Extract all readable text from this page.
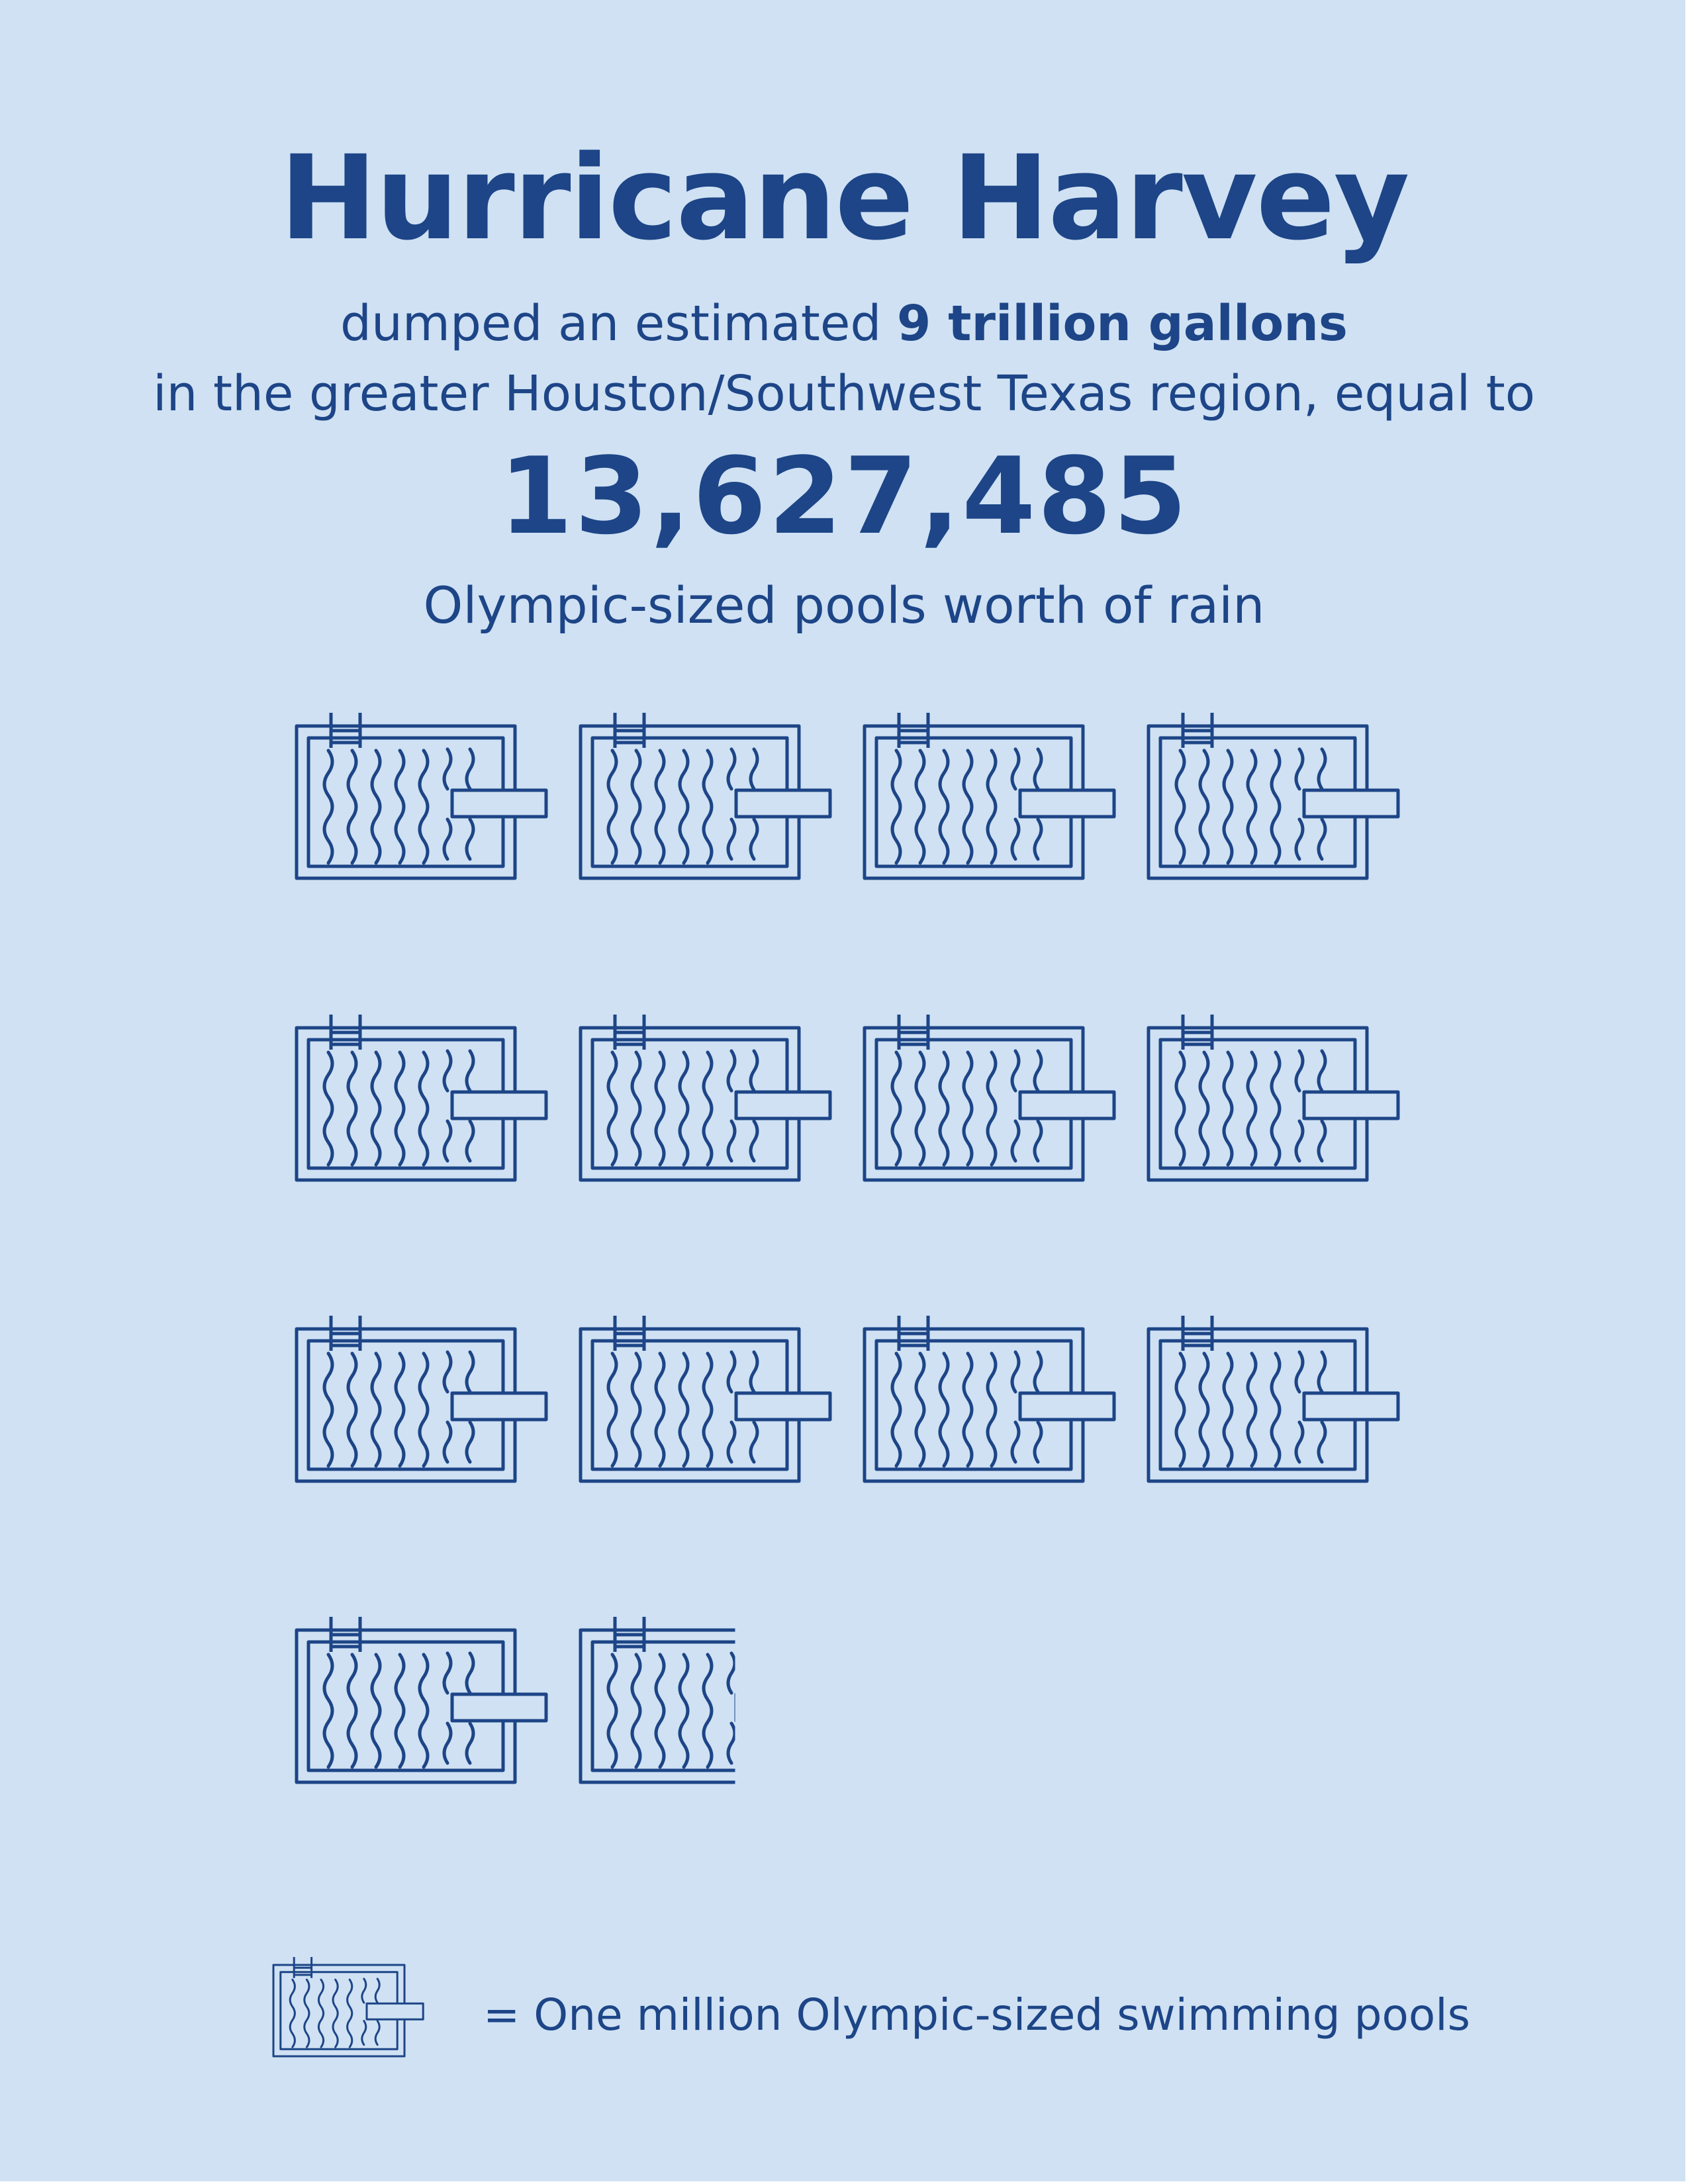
Hurricane Harvey
dumped an estimated 9 trillion gallons
in the greater Houston/Southwest Texas region, equal to
13,627,485
Olympic-sized pools worth of rain
= One million Olympic-sized swimming pools
